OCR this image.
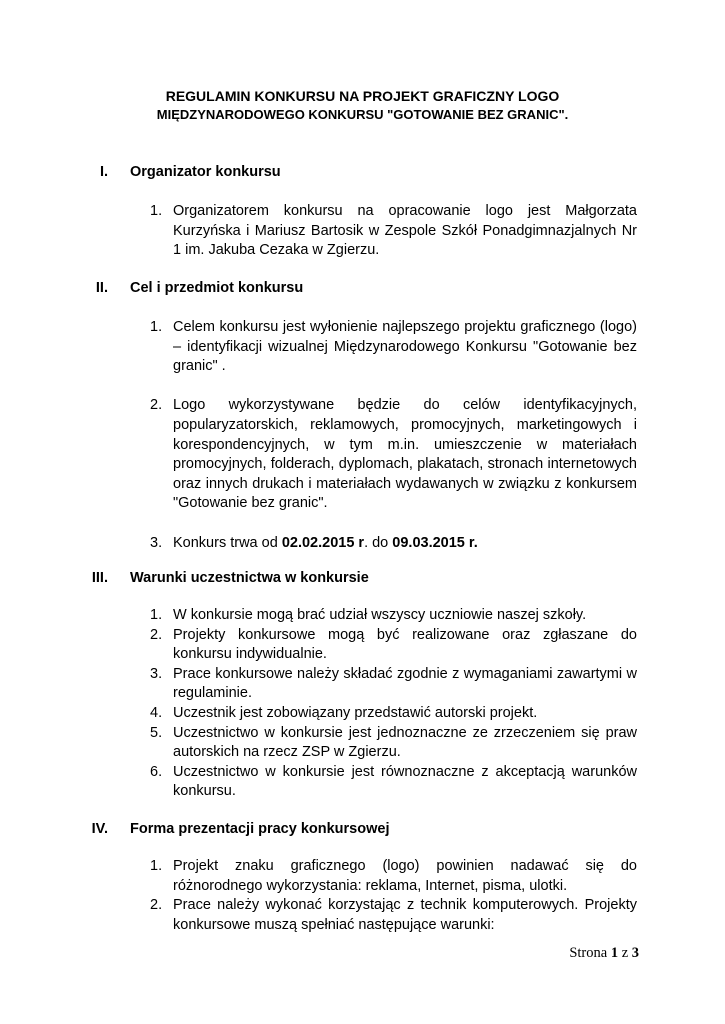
REGULAMIN KONKURSU NA PROJEKT GRAFICZNY LOGO
MIĘDZYNARODOWEGO KONKURSU "GOTOWANIE BEZ GRANIC".
I. Organizator konkursu
1. Organizatorem konkursu na opracowanie logo jest Małgorzata Kurzyńska i Mariusz Bartosik w Zespole Szkół Ponadgimnazjalnych Nr 1 im. Jakuba Cezaka w Zgierzu.
II. Cel i przedmiot konkursu
1. Celem konkursu jest wyłonienie najlepszego projektu graficznego (logo) – identyfikacji wizualnej Międzynarodowego Konkursu "Gotowanie bez granic" .
2. Logo wykorzystywane będzie do celów identyfikacyjnych, popularyzatorskich, reklamowych, promocyjnych, marketingowych i korespondencyjnych, w tym m.in. umieszczenie w materiałach promocyjnych, folderach, dyplomach, plakatach, stronach internetowych oraz innych drukach i materiałach wydawanych w związku z konkursem "Gotowanie bez granic".
3. Konkurs trwa od 02.02.2015 r. do 09.03.2015 r.
III. Warunki uczestnictwa w konkursie
1. W konkursie mogą brać udział wszyscy uczniowie naszej szkoły.
2. Projekty konkursowe mogą być realizowane oraz zgłaszane do konkursu indywidualnie.
3. Prace konkursowe należy składać zgodnie z wymaganiami zawartymi w regulaminie.
4. Uczestnik jest zobowiązany przedstawić autorski projekt.
5. Uczestnictwo w konkursie jest jednoznaczne ze zrzeczeniem się praw autorskich na rzecz ZSP w Zgierzu.
6. Uczestnictwo w konkursie jest równoznaczne z akceptacją warunków konkursu.
IV. Forma prezentacji pracy konkursowej
1. Projekt znaku graficznego (logo) powinien nadawać się do różnorodnego wykorzystania: reklama, Internet, pisma, ulotki.
2. Prace należy wykonać korzystając z technik komputerowych. Projekty konkursowe muszą spełniać następujące warunki:
Strona 1 z 3
